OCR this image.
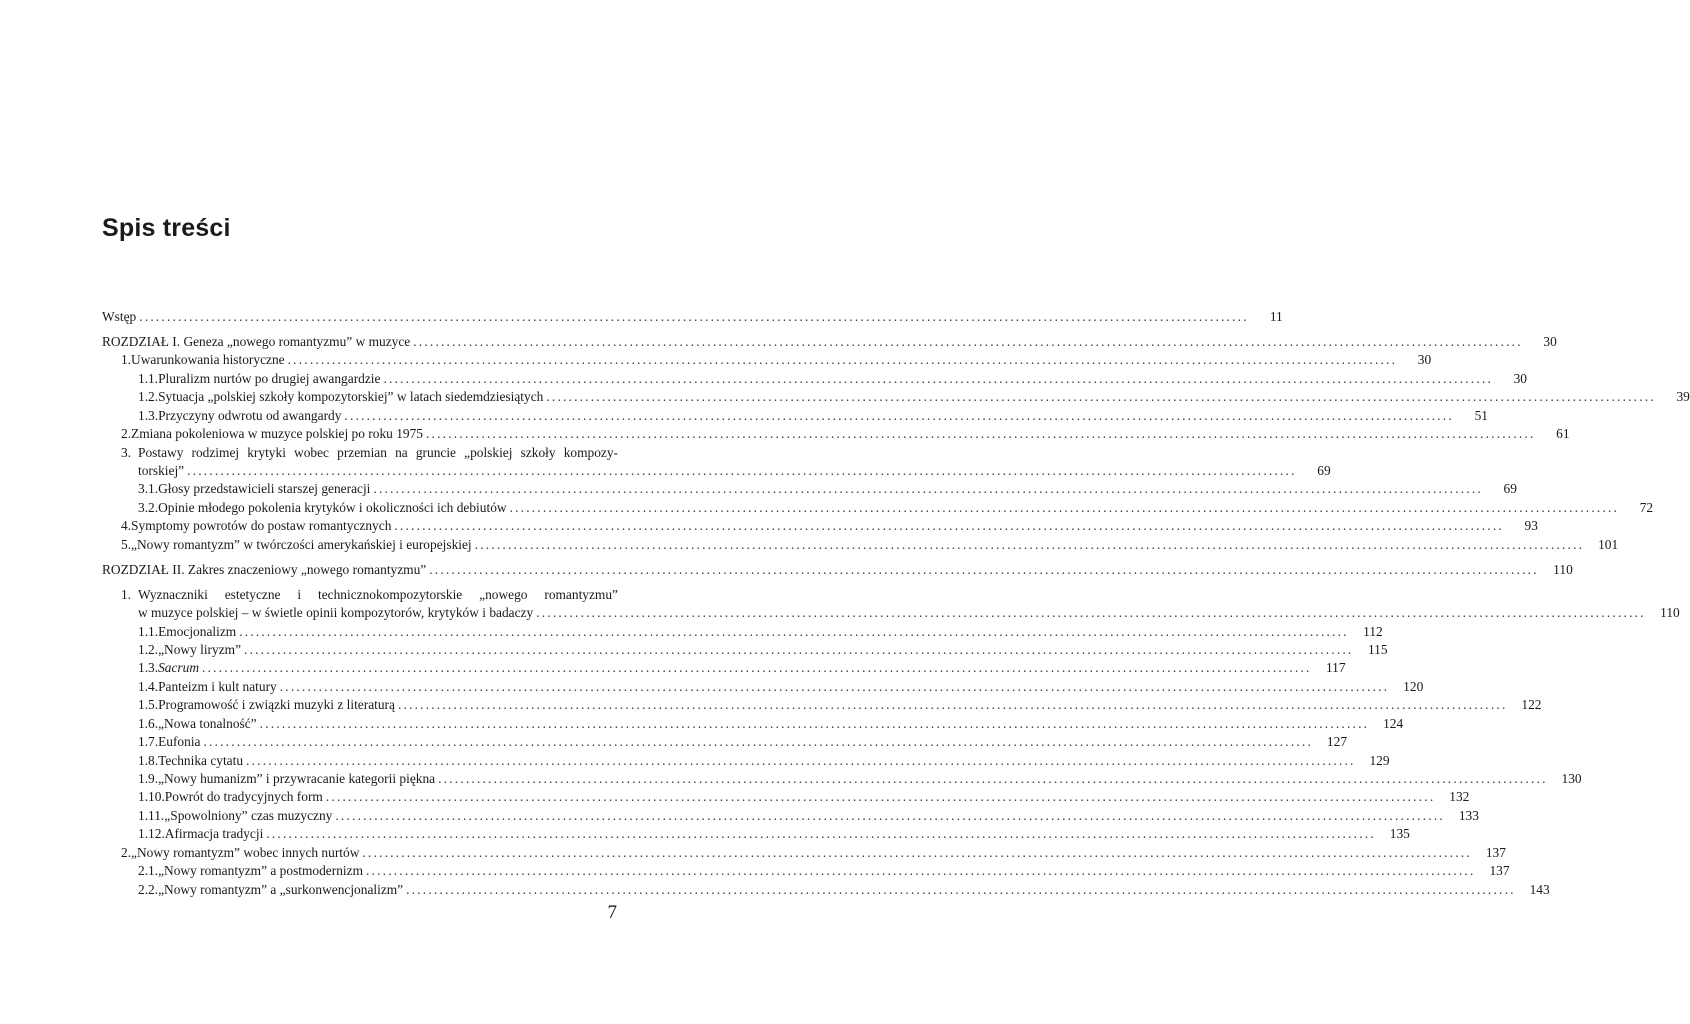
Spis treści
Wstęp ........................................................................................................................................................................................................	11
ROZDZIAŁ I. Geneza „nowego romantyzmu” w muzyce ........................................................................................................................................................................................................	30
1. Uwarunkowania historyczne ........................................................................................................................................................................................................	30
1.1. Pluralizm nurtów po drugiej awangardzie ........................................................................................................................................................................................................	30
1.2. Sytuacja „polskiej szkoły kompozytorskiej” w latach siedemdziesiątych ........................................................................................................................................................................................................	39
1.3. Przyczyny odwrotu od awangardy ........................................................................................................................................................................................................	51
2. Zmiana pokoleniowa w muzyce polskiej po roku 1975 ........................................................................................................................................................................................................	61
3. Postawy rodzimej krytyki wobec przemian na gruncie „polskiej szkoły kompozy-
torskiej” ........................................................................................................................................................................................................	69
3.1. Głosy przedstawicieli starszej generacji ........................................................................................................................................................................................................	69
3.2. Opinie młodego pokolenia krytyków i okoliczności ich debiutów ........................................................................................................................................................................................................	72
4. Symptomy powrotów do postaw romantycznych ........................................................................................................................................................................................................	93
5. „Nowy romantyzm” w twórczości amerykańskiej i europejskiej ........................................................................................................................................................................................................	101
ROZDZIAŁ II. Zakres znaczeniowy „nowego romantyzmu” ........................................................................................................................................................................................................	110
1. Wyznaczniki estetyczne i technicznokompozytorskie „nowego romantyzmu”
w muzyce polskiej – w świetle opinii kompozytorów, krytyków i badaczy ........................................................................................................................................................................................................	110
1.1. Emocjonalizm ........................................................................................................................................................................................................	112
1.2. „Nowy liryzm” ........................................................................................................................................................................................................	115
1.3. Sacrum ........................................................................................................................................................................................................	117
1.4. Panteizm i kult natury ........................................................................................................................................................................................................	120
1.5. Programowość i związki muzyki z literaturą ........................................................................................................................................................................................................	122
1.6. „Nowa tonalność” ........................................................................................................................................................................................................	124
1.7. Eufonia ........................................................................................................................................................................................................	127
1.8. Technika cytatu ........................................................................................................................................................................................................	129
1.9. „Nowy humanizm” i przywracanie kategorii piękna ........................................................................................................................................................................................................	130
1.10. Powrót do tradycyjnych form ........................................................................................................................................................................................................	132
1.11. „Spowolniony” czas muzyczny ........................................................................................................................................................................................................	133
1.12. Afirmacja tradycji ........................................................................................................................................................................................................	135
2. „Nowy romantyzm” wobec innych nurtów ........................................................................................................................................................................................................	137
2.1. „Nowy romantyzm” a postmodernizm ........................................................................................................................................................................................................	137
2.2. „Nowy romantyzm” a „surkonwencjonalizm” ........................................................................................................................................................................................................	143
7
